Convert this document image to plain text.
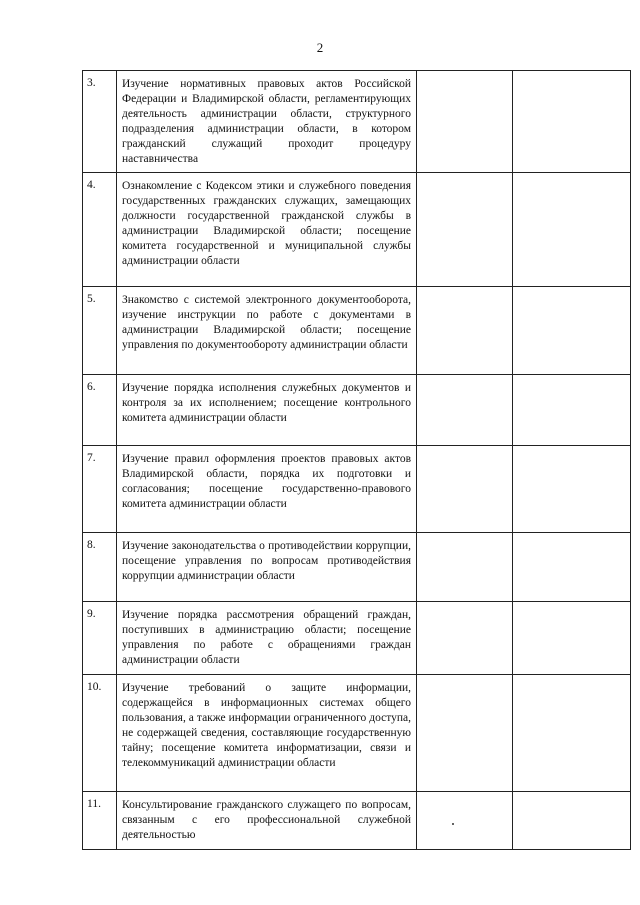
2
3.	Изучение нормативных правовых актов Российской Федерации и Владимирской области, регламентирующих деятельность администрации области, структурного подразделения администрации области, в котором гражданский служащий проходит процедуру наставничества		
4.	Ознакомление с Кодексом этики и служебного поведения государственных гражданских служащих, замещающих должности государственной гражданской службы в администрации Владимирской области; посещение комитета государственной и муниципальной службы администрации области		
5.	Знакомство с системой электронного документооборота, изучение инструкции по работе с документами в администрации Владимирской области; посещение управления по документообороту администрации области		
6.	Изучение порядка исполнения служебных документов и контроля за их исполнением; посещение контрольного комитета администрации области		
7.	Изучение правил оформления проектов правовых актов Владимирской области, порядка их подготовки и согласования; посещение государственно-правового комитета администрации области		
8.	Изучение законодательства о противодействии коррупции, посещение управления по вопросам противодействия коррупции администрации области		
9.	Изучение порядка рассмотрения обращений граждан, поступивших в администрацию области; посещение управления по работе с обращениями граждан администрации области		
10.	Изучение требований о защите информации, содержащейся в информационных системах общего пользования, а также информации ограниченного доступа, не содержащей сведения, составляющие государственную тайну; посещение комитета информатизации, связи и телекоммуникаций администрации области		
11.	Консультирование гражданского служащего по вопросам, связанным с его профессиональной служебной деятельностью		
